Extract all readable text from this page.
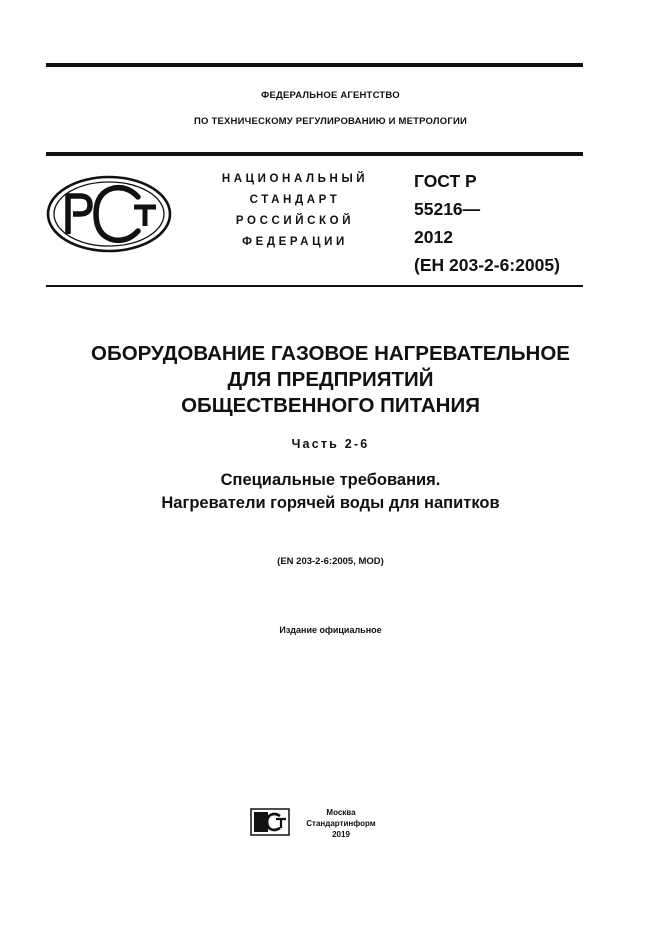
ФЕДЕРАЛЬНОЕ АГЕНТСТВО
ПО ТЕХНИЧЕСКОМУ РЕГУЛИРОВАНИЮ И МЕТРОЛОГИИ
НАЦИОНАЛЬНЫЙ
СТАНДАРТ
РОССИЙСКОЙ
ФЕДЕРАЦИИ
ГОСТ Р
55216—
2012
(ЕН 203-2-6:2005)
ОБОРУДОВАНИЕ ГАЗОВОЕ НАГРЕВАТЕЛЬНОЕ
ДЛЯ ПРЕДПРИЯТИЙ
ОБЩЕСТВЕННОГО ПИТАНИЯ
Часть 2-6
Специальные требования.
Нагреватели горячей воды для напитков
(EN 203-2-6:2005, MOD)
Издание официальное
Москва
Стандартинформ
2019
